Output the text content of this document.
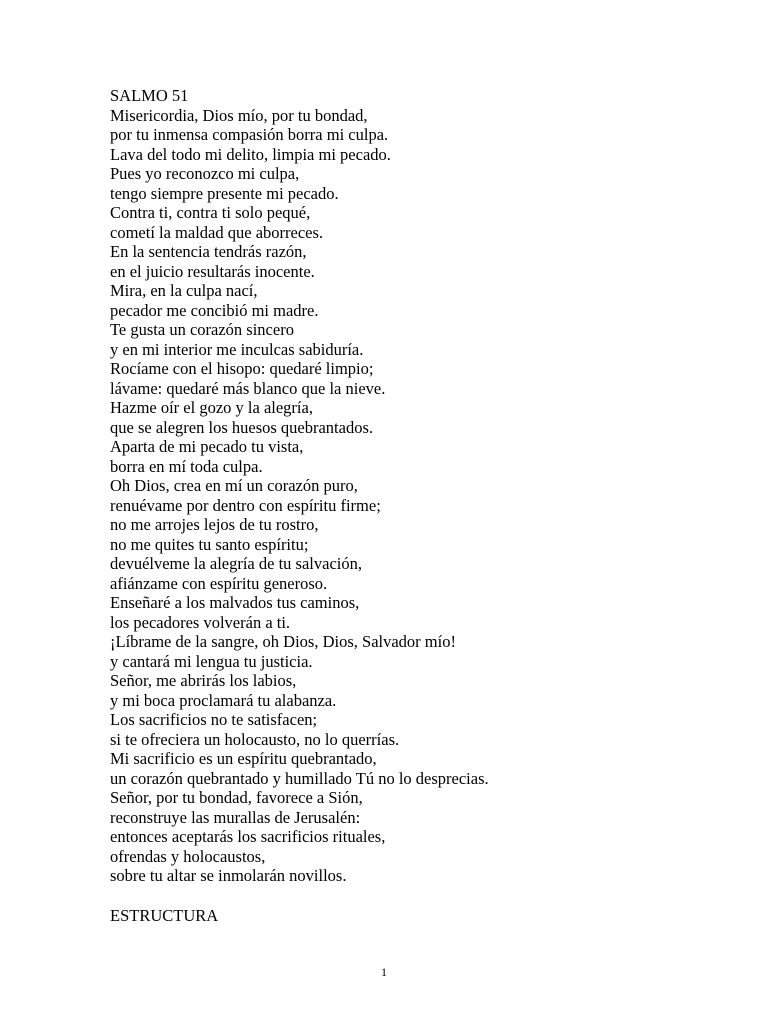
SALMO 51
Misericordia, Dios mío, por tu bondad,
por tu inmensa compasión borra mi culpa.
Lava del todo mi delito, limpia mi pecado.
Pues yo reconozco mi culpa,
tengo siempre presente mi pecado.
Contra ti, contra ti solo pequé,
cometí la maldad que aborreces.
En la sentencia tendrás razón,
en el juicio resultarás inocente.
Mira, en la culpa nací,
pecador me concibió mi madre.
Te gusta un corazón sincero
y en mi interior me inculcas sabiduría.
Rocíame con el hisopo: quedaré limpio;
lávame: quedaré más blanco que la nieve.
Hazme oír el gozo y la alegría,
que se alegren los huesos quebrantados.
Aparta de mi pecado tu vista,
borra en mí toda culpa.
Oh Dios, crea en mí un corazón puro,
renuévame por dentro con espíritu firme;
no me arrojes lejos de tu rostro,
no me quites tu santo espíritu;
devuélveme la alegría de tu salvación,
afiánzame con espíritu generoso.
Enseñaré a los malvados tus caminos,
los pecadores volverán a ti.
¡Líbrame de la sangre, oh Dios, Dios, Salvador mío!
y cantará mi lengua tu justicia.
Señor, me abrirás los labios,
y mi boca proclamará tu alabanza.
Los sacrificios no te satisfacen;
si te ofreciera un holocausto, no lo querrías.
Mi sacrificio es un espíritu quebrantado,
un corazón quebrantado y humillado Tú no lo desprecias.
Señor, por tu bondad, favorece a Sión,
reconstruye las murallas de Jerusalén:
entonces aceptarás los sacrificios rituales,
ofrendas y holocaustos,
sobre tu altar se inmolarán novillos.
ESTRUCTURA
1
